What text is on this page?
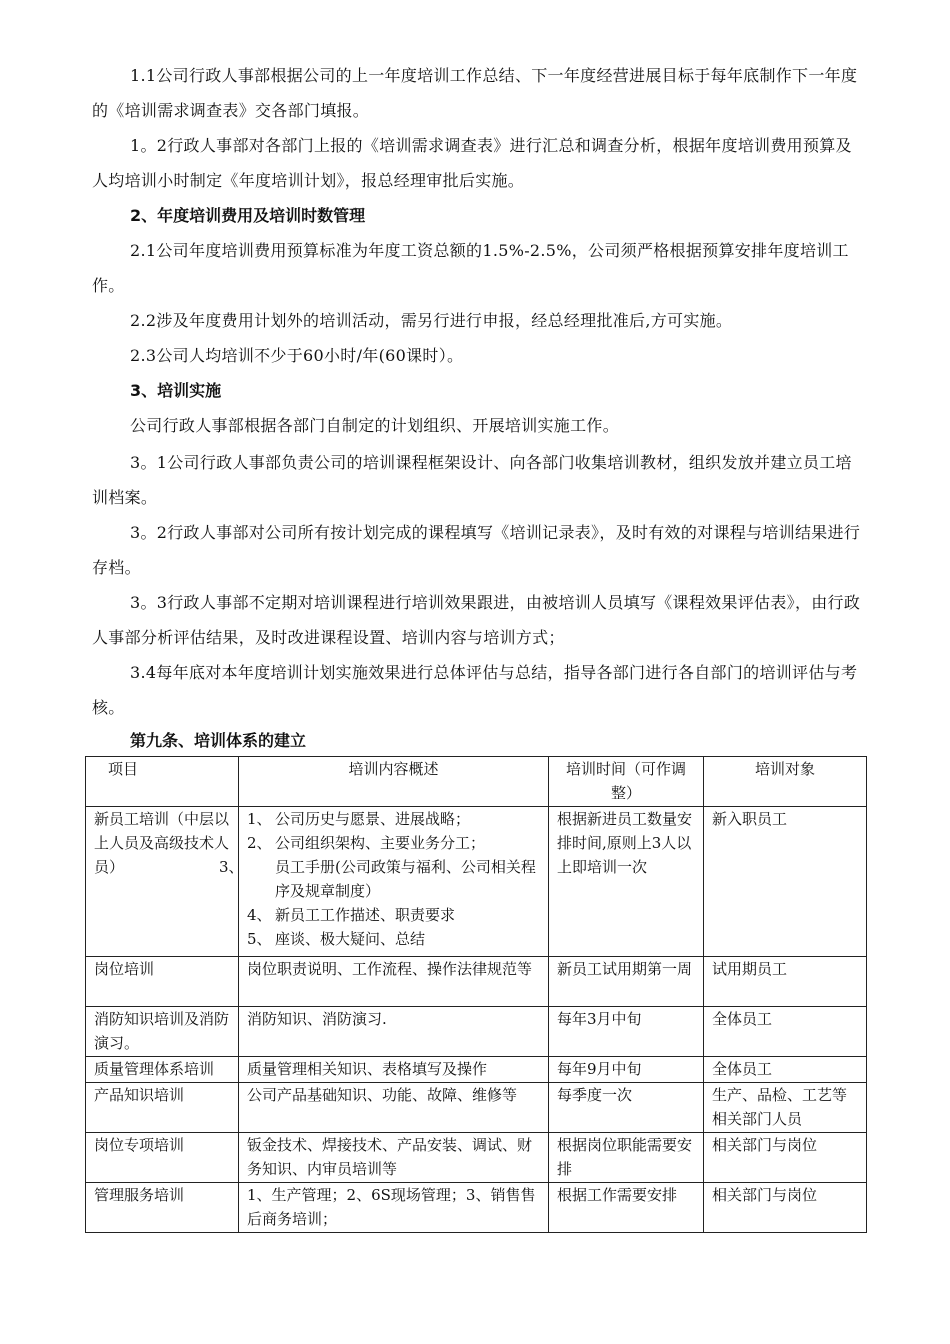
1.1公司行政人事部根据公司的上一年度培训工作总结、下一年度经营进展目标于每年底制作下一年度的《培训需求调查表》交各部门填报。

1。2行政人事部对各部门上报的《培训需求调查表》进行汇总和调查分析，根据年度培训费用预算及人均培训小时制定《年度培训计划》，报总经理审批后实施。

2、年度培训费用及培训时数管理

2.1公司年度培训费用预算标准为年度工资总额的1.5%-2.5%，公司须严格根据预算安排年度培训工作。

2.2涉及年度费用计划外的培训活动，需另行进行申报，经总经理批准后,方可实施。

2.3公司人均培训不少于60小时/年(60课时）。

3、培训实施

公司行政人事部根据各部门自制定的计划组织、开展培训实施工作。

3。1公司行政人事部负责公司的培训课程框架设计、向各部门收集培训教材，组织发放并建立员工培训档案。

3。2行政人事部对公司所有按计划完成的课程填写《培训记录表》，及时有效的对课程与培训结果进行存档。

3。3行政人事部不定期对培训课程进行培训效果跟进，由被培训人员填写《课程效果评估表》，由行政人事部分析评估结果，及时改进课程设置、培训内容与培训方式；

3.4每年底对本年度培训计划实施效果进行总体评估与总结，指导各部门进行各自部门的培训评估与考核。

第九条、培训体系的建立

项目	培训内容概述	培训时间（可作调整）	培训对象
新员工培训（中层以上人员及高级技术人员）	1、 公司历史与愿景、进展战略；
2、 公司组织架构、主要业务分工；
3、 员工手册(公司政策与福利、公司相关程序及规章制度）
4、 新员工工作描述、职责要求
5、 座谈、极大疑问、总结	根据新进员工数量安排时间,原则上3人以上即培训一次	新入职员工
岗位培训	岗位职责说明、工作流程、操作法律规范等	新员工试用期第一周	试用期员工
消防知识培训及消防演习。	消防知识、消防演习.	每年3月中旬	全体员工
质量管理体系培训	质量管理相关知识、表格填写及操作	每年9月中旬	全体员工
产品知识培训	公司产品基础知识、功能、故障、维修等	每季度一次	生产、品检、工艺等相关部门人员
岗位专项培训	钣金技术、焊接技术、产品安装、调试、财务知识、内审员培训等	根据岗位职能需要安排	相关部门与岗位
管理服务培训	1、生产管理；2、6S现场管理；3、销售售后商务培训；	根据工作需要安排	相关部门与岗位
